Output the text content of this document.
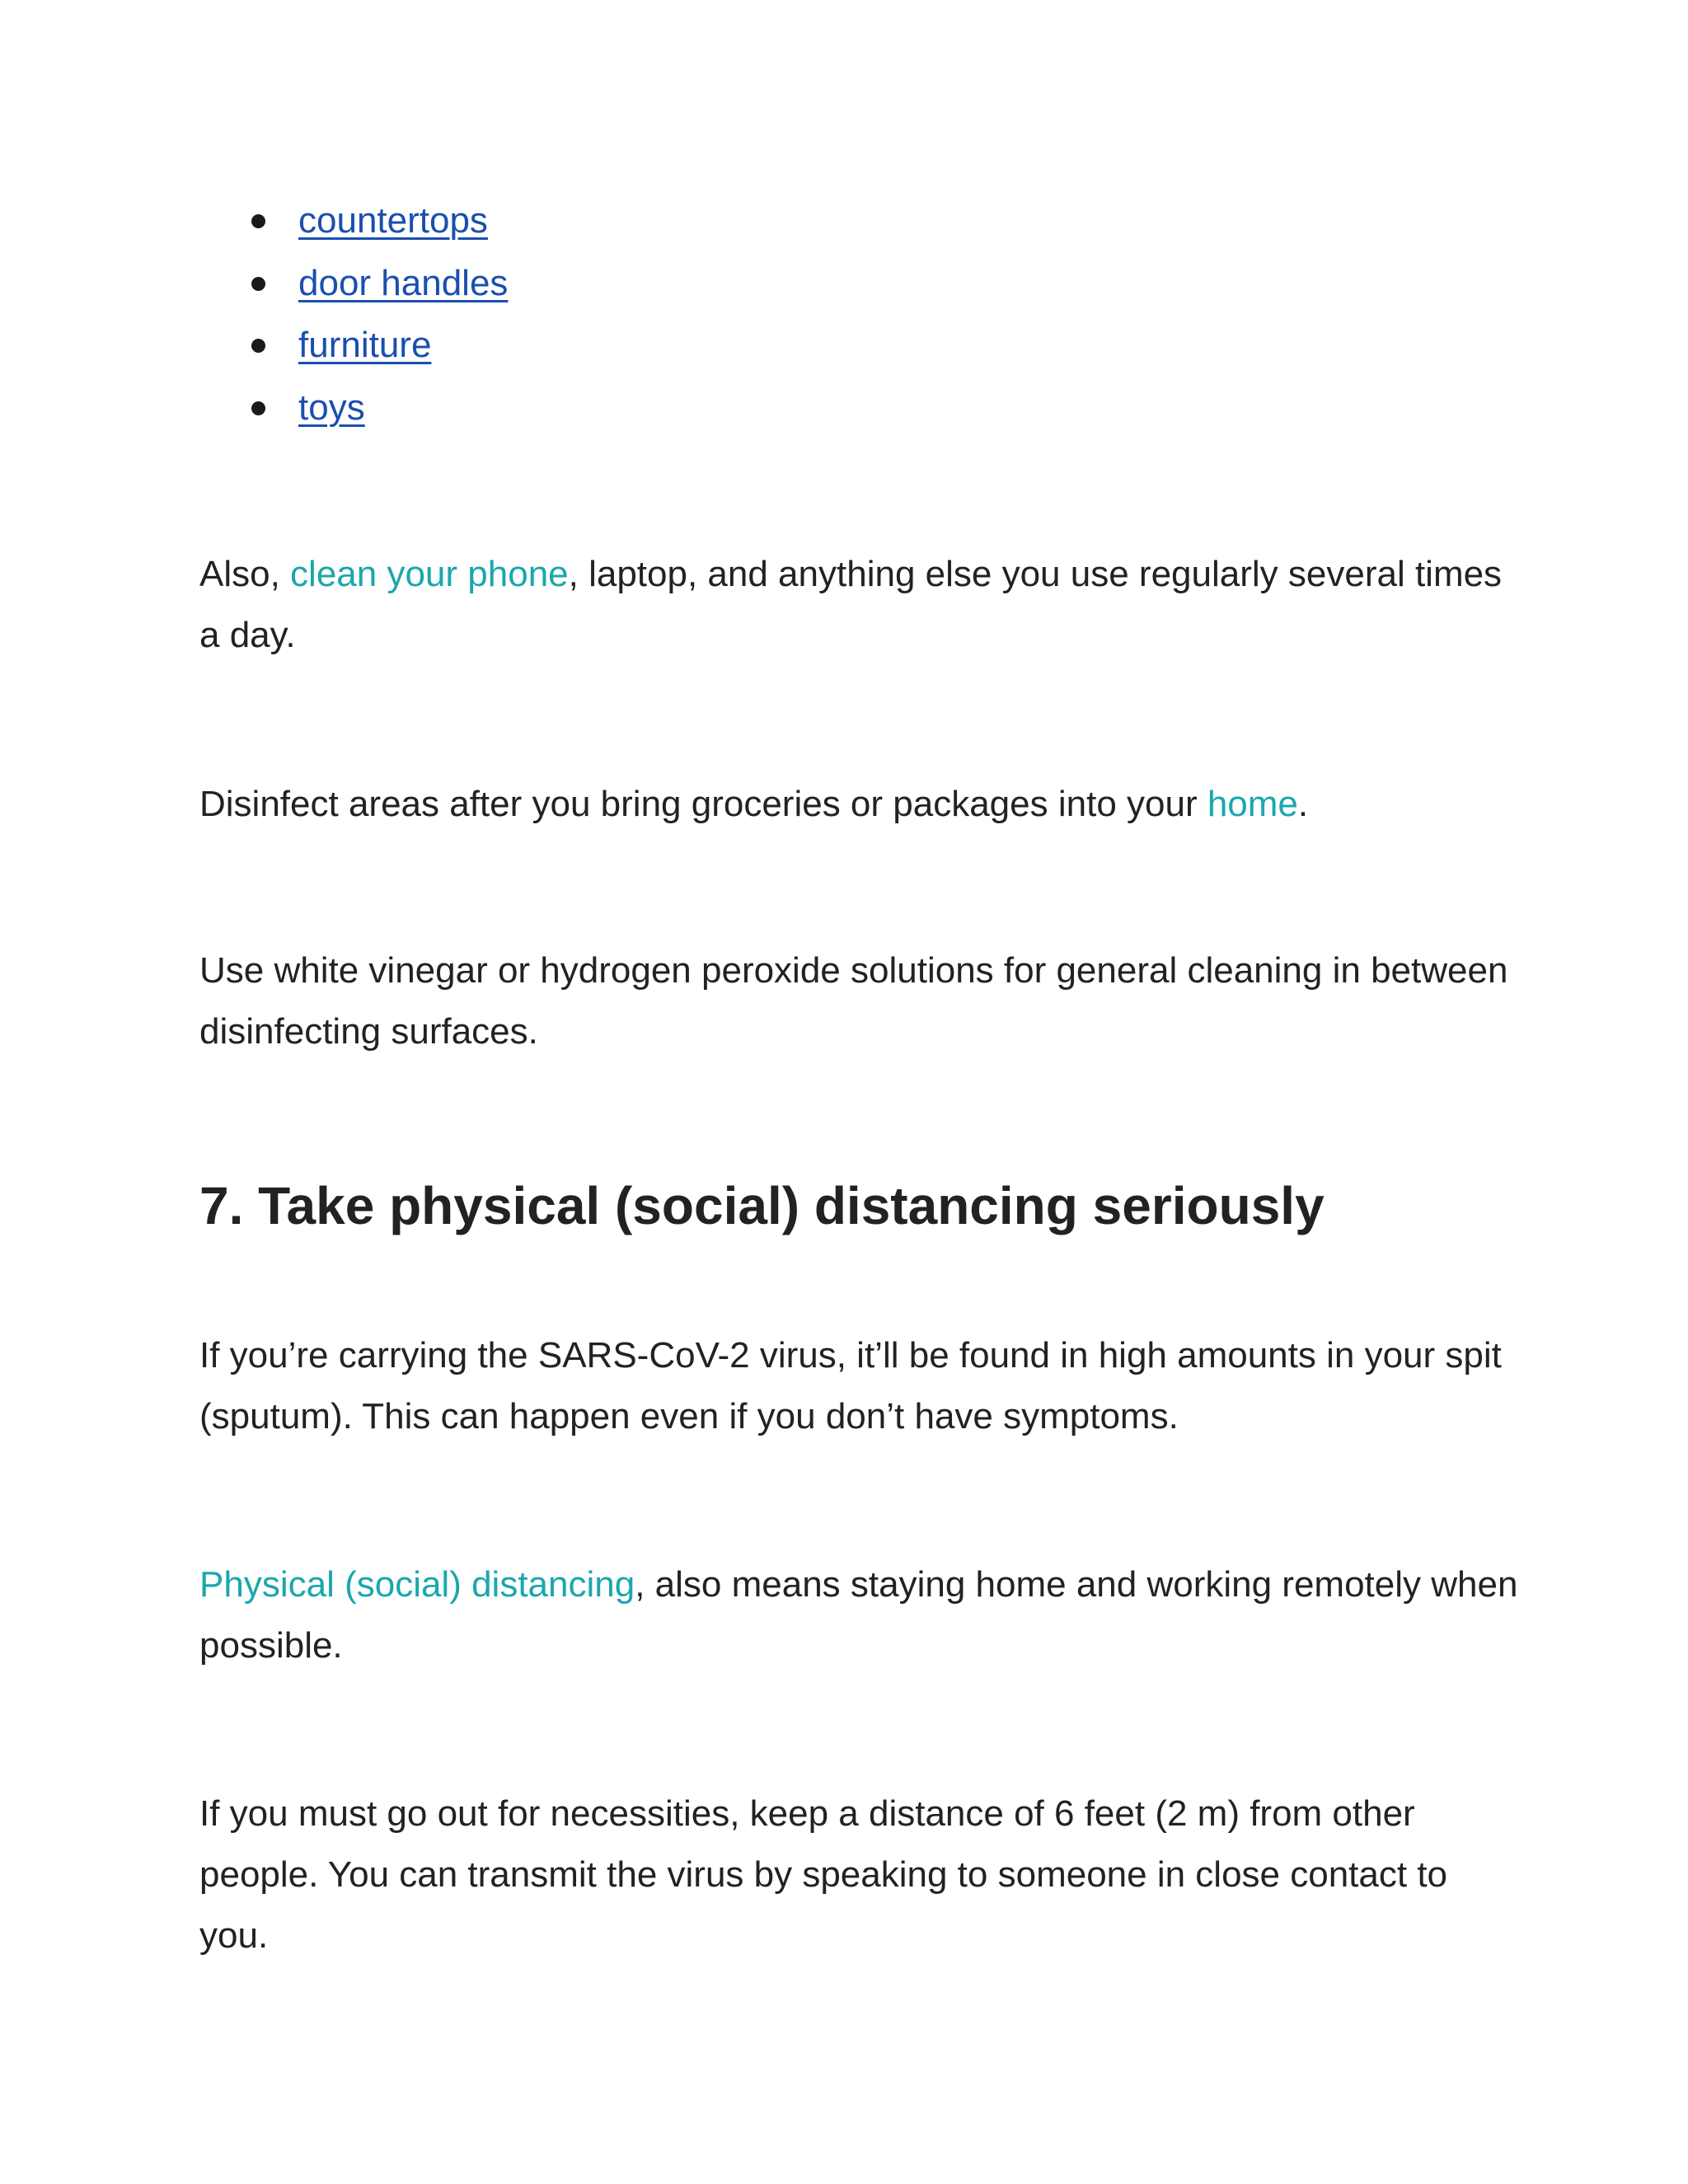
countertops
door handles
furniture
toys

Also, clean your phone, laptop, and anything else you use regularly several times a day.

Disinfect areas after you bring groceries or packages into your home.

Use white vinegar or hydrogen peroxide solutions for general cleaning in between disinfecting surfaces.

7. Take physical (social) distancing seriously

If you’re carrying the SARS-CoV-2 virus, it’ll be found in high amounts in your spit (sputum). This can happen even if you don’t have symptoms.

Physical (social) distancing, also means staying home and working remotely when possible.

If you must go out for necessities, keep a distance of 6 feet (2 m) from other people. You can transmit the virus by speaking to someone in close contact to you.
